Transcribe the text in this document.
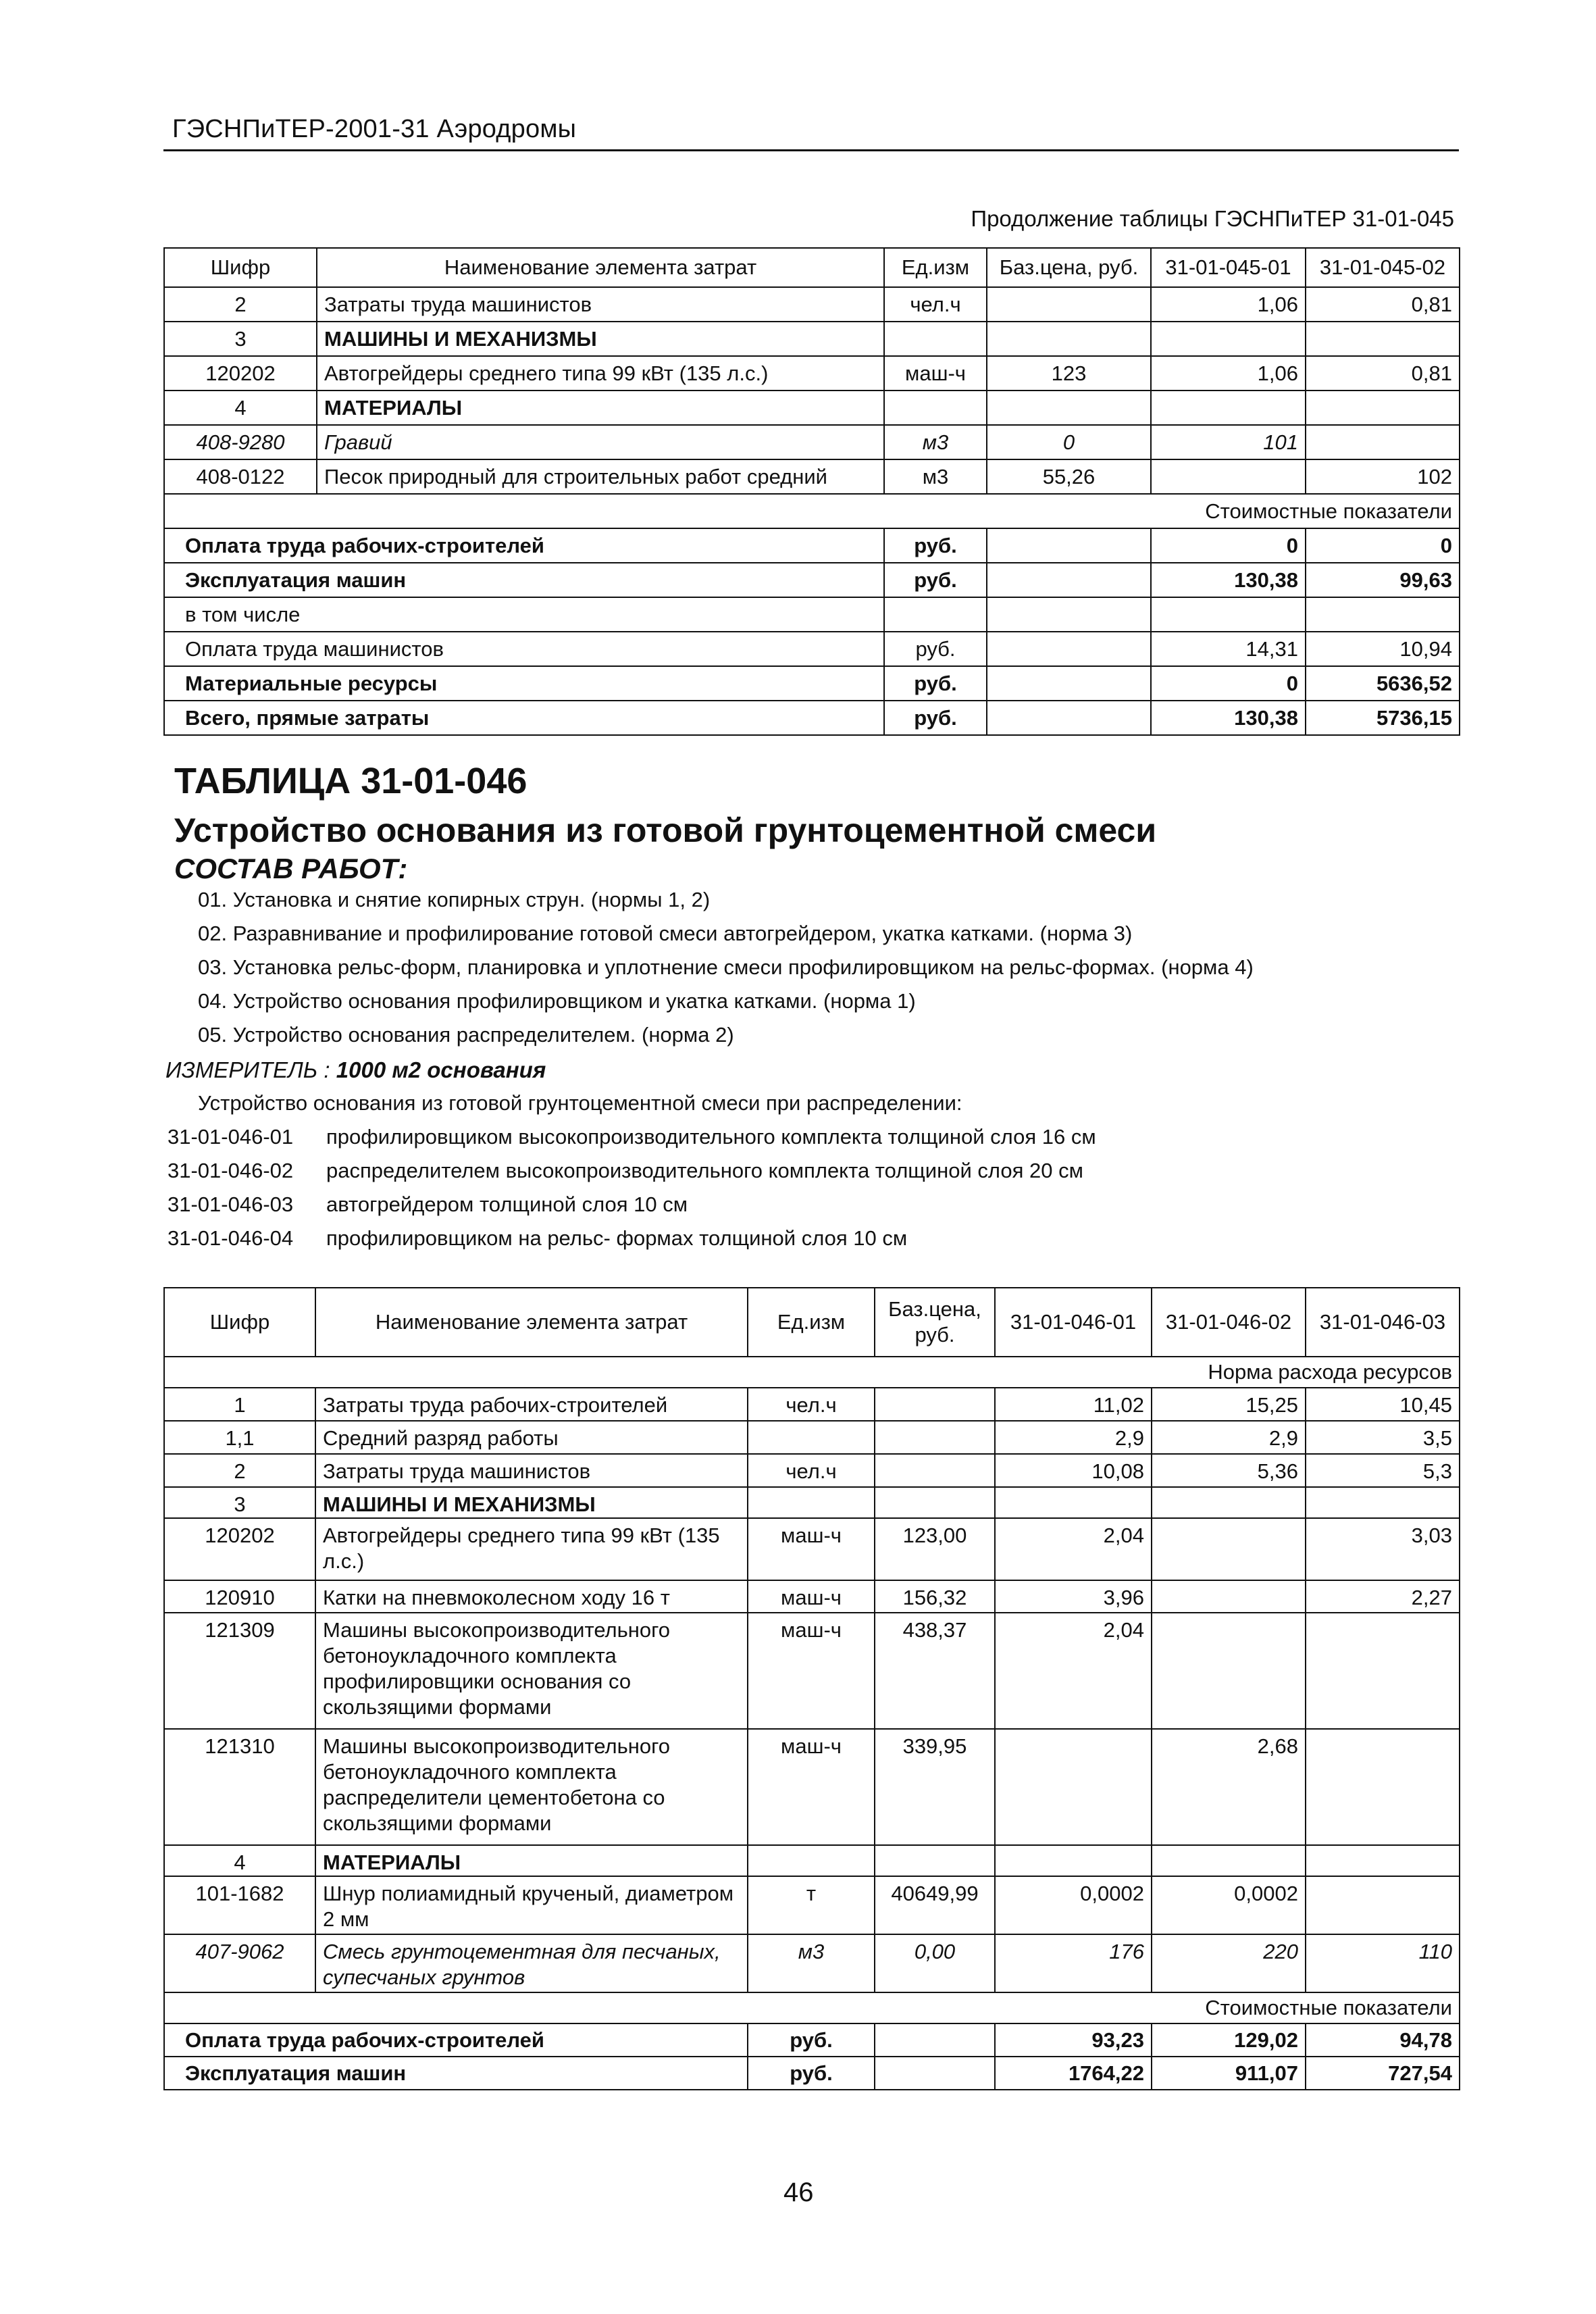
ГЭСНПиТЕР-2001-31 Аэродромы
Продолжение таблицы ГЭСНПиТЕР 31-01-045
Шифр	Наименование элемента затрат	Ед.изм	Баз.цена, руб.	31-01-045-01	31-01-045-02
2	Затраты труда машинистов	чел.ч		1,06	0,81
3	МАШИНЫ И МЕХАНИЗМЫ				
120202	Автогрейдеры среднего типа 99 кВт (135 л.с.)	маш-ч	123	1,06	0,81
4	МАТЕРИАЛЫ				
408-9280	Гравий	м3	0	101	
408-0122	Песок природный для строительных работ средний	м3	55,26		102
Стоимостные показатели					
Оплата труда рабочих-строителей		руб.		0	0
Эксплуатация машин		руб.		130,38	99,63
в том числе					
Оплата труда машинистов		руб.		14,31	10,94
Материальные ресурсы		руб.		0	5636,52
Всего, прямые затраты		руб.		130,38	5736,15
ТАБЛИЦА 31-01-046
Устройство основания из готовой грунтоцементной смеси
СОСТАВ РАБОТ:
01. Установка и снятие копирных струн. (нормы 1, 2)
02. Разравнивание и профилирование готовой смеси автогрейдером, укатка катками. (норма 3)
03. Установка рельс-форм, планировка и уплотнение смеси профилировщиком на рельс-формах. (норма 4)
04. Устройство основания профилировщиком и укатка катками. (норма 1)
05. Устройство основания распределителем. (норма 2)
ИЗМЕРИТЕЛЬ : 1000 м2 основания
Устройство основания из готовой грунтоцементной смеси при распределении:
31-01-046-01 профилировщиком высокопроизводительного комплекта толщиной слоя 16 см
31-01-046-02 распределителем высокопроизводительного комплекта толщиной слоя 20 см
31-01-046-03 автогрейдером толщиной слоя 10 см
31-01-046-04 профилировщиком на рельс- формах толщиной слоя 10 см
Шифр	Наименование элемента затрат	Ед.изм	Баз.цена, руб.	31-01-046-01	31-01-046-02	31-01-046-03
Норма расхода ресурсов						
1	Затраты труда рабочих-строителей	чел.ч		11,02	15,25	10,45
1,1	Средний разряд работы			2,9	2,9	3,5
2	Затраты труда машинистов	чел.ч		10,08	5,36	5,3
3	МАШИНЫ И МЕХАНИЗМЫ					
120202	Автогрейдеры среднего типа 99 кВт (135 л.с.)	маш-ч	123,00	2,04		3,03
120910	Катки на пневмоколесном ходу 16 т	маш-ч	156,32	3,96		2,27
121309	Машины высокопроизводительного бетоноукладочного комплекта профилировщики основания со скользящими формами	маш-ч	438,37	2,04		
121310	Машины высокопроизводительного бетоноукладочного комплекта распределители цементобетона со скользящими формами	маш-ч	339,95		2,68	
4	МАТЕРИАЛЫ					
101-1682	Шнур полиамидный крученый, диаметром 2 мм	т	40649,99	0,0002	0,0002	
407-9062	Смесь грунтоцементная для песчаных, супесчаных грунтов	м3	0,00	176	220	110
Стоимостные показатели						
Оплата труда рабочих-строителей		руб.		93,23	129,02	94,78
Эксплуатация машин		руб.		1764,22	911,07	727,54
46
